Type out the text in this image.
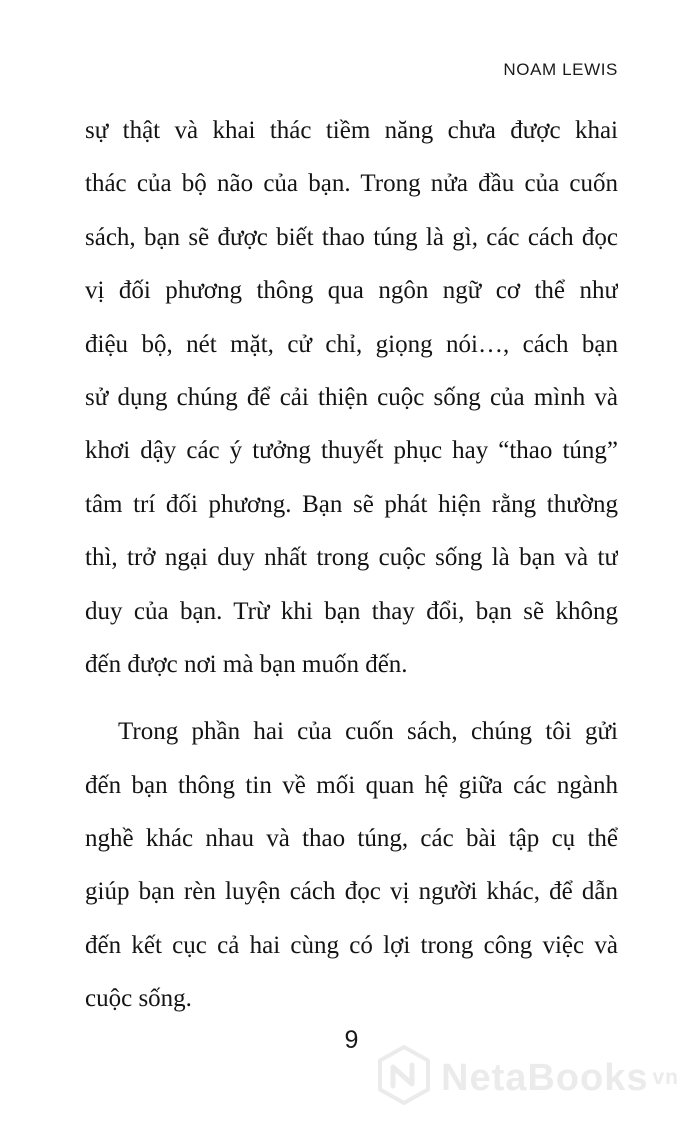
NOAM LEWIS
sự thật và khai thác tiềm năng chưa được khai
thác của bộ não của bạn. Trong nửa đầu của cuốn
sách, bạn sẽ được biết thao túng là gì, các cách đọc
vị đối phương thông qua ngôn ngữ cơ thể như
điệu bộ, nét mặt, cử chỉ, giọng nói…, cách bạn
sử dụng chúng để cải thiện cuộc sống của mình và
khơi dậy các ý tưởng thuyết phục hay “thao túng”
tâm trí đối phương. Bạn sẽ phát hiện rằng thường
thì, trở ngại duy nhất trong cuộc sống là bạn và tư
duy của bạn. Trừ khi bạn thay đổi, bạn sẽ không
đến được nơi mà bạn muốn đến.
Trong phần hai của cuốn sách, chúng tôi gửi
đến bạn thông tin về mối quan hệ giữa các ngành
nghề khác nhau và thao túng, các bài tập cụ thể
giúp bạn rèn luyện cách đọc vị người khác, để dẫn
đến kết cục cả hai cùng có lợi trong công việc và
cuộc sống.
9
NetaBooks vn
